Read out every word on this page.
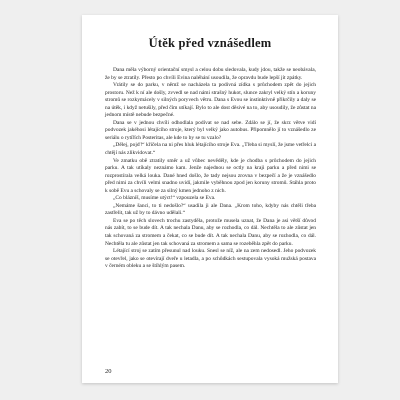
Útěk před vznášedlem

Dana měla výborný orientační smysl a celou dobu sledovala, kudy jdou, takže se neobávala, že by se ztratily. Přesto po chvíli Evina naléhání usoudila, že opravdu bude lepší jít zpátky.

Vrátily se do parku, v němž se nacházela ta podivná zídka s průchodem zpět do jejich prostoru. Než k ní ale došly, zvvedl se nad námi strašný hukot, slunce zakryl velký stín a koruny stromů se rozkymácely v silných poryvech větru. Dana s Evou se instinktivně přikrčily a daly se na útěk, i když netušily, před čím utíkají. Bylo to ale dost děsivé na to, aby usoudily, že zůstat na jednom místě nebude bezpečné.

Dana se v jednou chvíli odhodlala podívat se nad sebe. Zdálo se jí, že skrz větve vidí podvozek jakéhosi létajícího stroje, který byl velký jako autobus. Připomnělo jí to vznášedlo ze seriálu o rytířích Posteritas, ale kde to by se tu vzalo?

„Dělej, pojď!“ křičela na ni přes hluk létajícího stroje Eva. „Třeba si myslí, že jsme vetřelci a chtějí nás zlikvidovat.“

Ve zmatku obě ztratily směr a už vůbec nevěděly, kde je chodba s průchodem do jejich parku. A tak utíkaly neznámo kam. Jenže najednou se octly na kraji parku a před nimi se rozprostírala velká louka. Dané hned došlo, že tady nejsou zrovna v bezpečí a že je vznášedlo před nimi za chvíli velmi snadno uvidí, jakmile vyběhnou zpod jen koruny stromů. Stáhla proto k sobě Evu a schovaly se za silný kmen jednoho z nich.

„Co blázníš, musíme utýct!“ vzpouzela se Eva.

„Nemáme šanci, to ti nedošlo?“ usadila ji ale Dana. „Krom toho, kdyby nás chtěli třeba zastřelit, tak už by to dávno udělali.“

Eva se po těch slovech trochu zastyděla, protože musela uznat, že Dana je asi větší důvod nás zabít, to se bude dít. A tak nechala Danu, aby se rozhodla, co dál. Nechtěla to ale zůstat jen tak schovaná za stromem a čekat, co se bude dít. A tak nechala Danu, aby se rozhodla, co dál. Nechtěla tu ale zůstat jen tak schovaná za stromem a sama se rozeběhla zpět do parku.

Létající stroj se zatím přesunul nad louku. Snesl se níž, ale na zem nedosedl. Jeho podvozek se otevřel, jako se otevírají dveře u letadla, a po schůdkách sestupovala vysoká mužská postava v černém obleku a se štíhlým pasem.

20
